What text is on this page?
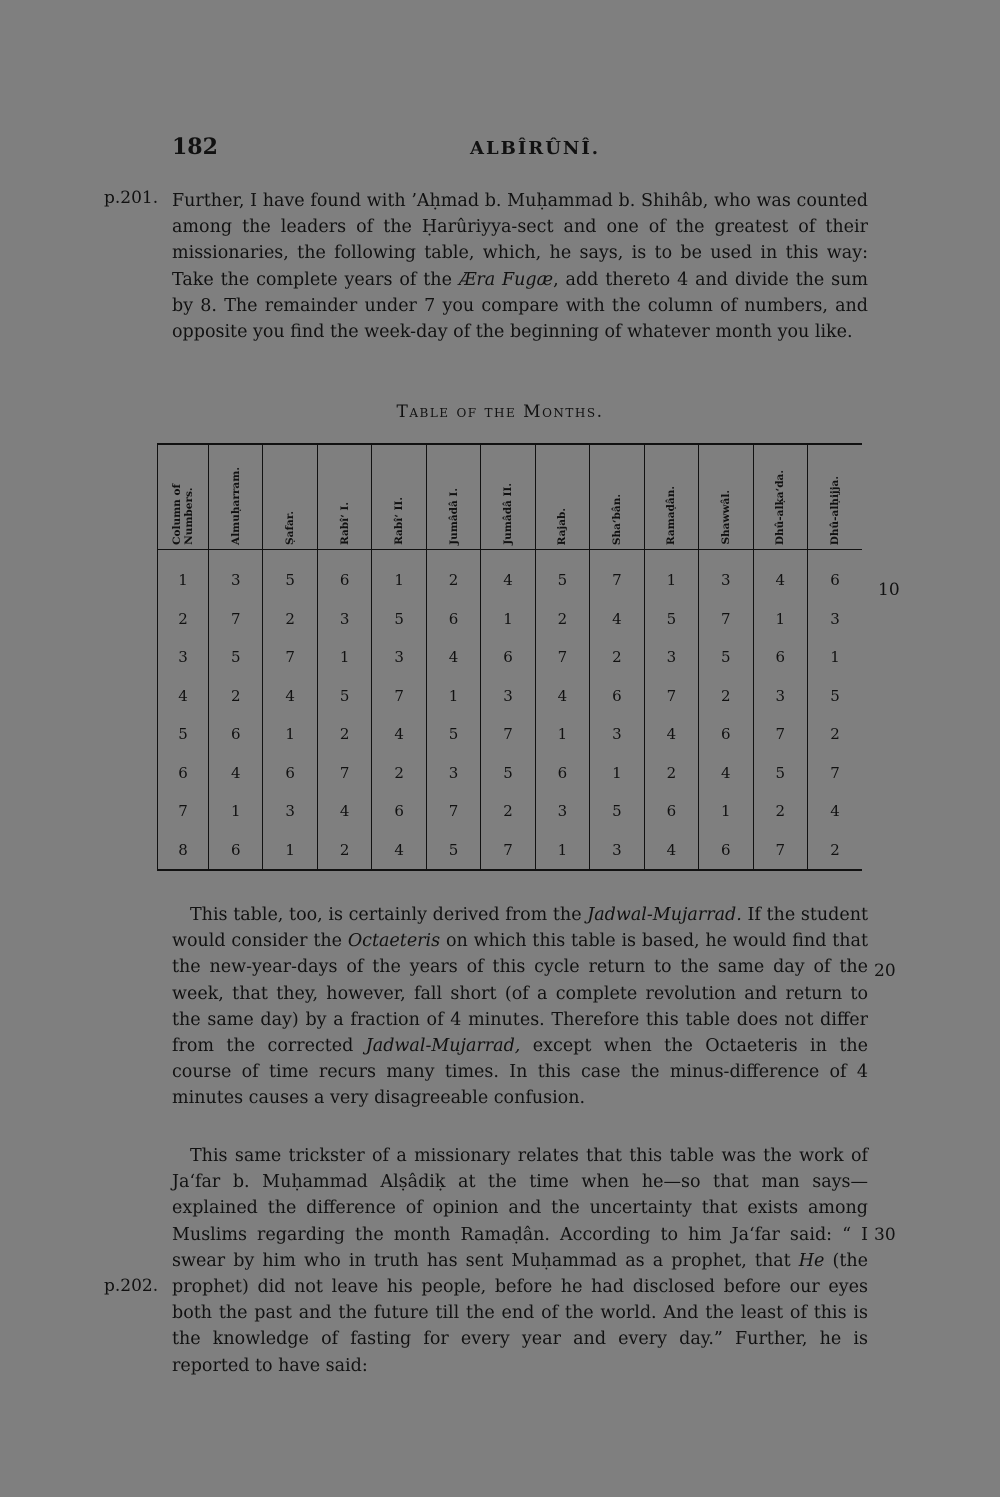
182	ALBÎRÛNÎ.
p.201.
p.202.
10
20
30

Further, I have found with ’Aḥmad b. Muḥammad b. Shihâb, who was counted among the leaders of the Ḥarûriyya-sect and one of the greatest of their missionaries, the following table, which, he says, is to be used in this way: Take the complete years of the Æra Fugæ, add thereto 4 and divide the sum by 8. The remainder under 7 you compare with the column of numbers, and opposite you find the week-day of the beginning of whatever month you like.

Table of the Months.
Column of
Numbers.	Almuḥarram.	Ṣafar.	Rabî‘ I.	Rabî‘ II.	Jumâdâ I.	Jumâdâ II.	Rajab.	Sha‘bân.	Ramaḍân.	Shawwâl.	Dhû-alḳa‘da.	Dhû-alḥijja.

1	3	5	6	1	2	4	5	7	1	3	4	6
2	7	2	3	5	6	1	2	4	5	7	1	3
3	5	7	1	3	4	6	7	2	3	5	6	1
4	2	4	5	7	1	3	4	6	7	2	3	5
5	6	1	2	4	5	7	1	3	4	6	7	2
6	4	6	7	2	3	5	6	1	2	4	5	7
7	1	3	4	6	7	2	3	5	6	1	2	4
8	6	1	2	4	5	7	1	3	4	6	7	2

This table, too, is certainly derived from the Jadwal-Mujarrad. If the student would consider the Octaeteris on which this table is based, he would find that the new-year-days of the years of this cycle return to the same day of the week, that they, however, fall short (of a complete revolution and return to the same day) by a fraction of 4 minutes. Therefore this table does not differ from the corrected Jadwal-Mujarrad, except when the Octaeteris in the course of time recurs many times. In this case the minus-difference of 4 minutes causes a very disagreeable confusion.

This same trickster of a missionary relates that this table was the work of Ja‘far b. Muḥammad Alṣâdiḳ at the time when he—so that man says—explained the difference of opinion and the uncertainty that exists among Muslims regarding the month Ramaḍân. According to him Ja‘far said: “ I swear by him who in truth has sent Muḥammad as a prophet, that He (the prophet) did not leave his people, before he had disclosed before our eyes both the past and the future till the end of the world. And the least of this is the knowledge of fasting for every year and every day.” Further, he is reported to have said:
